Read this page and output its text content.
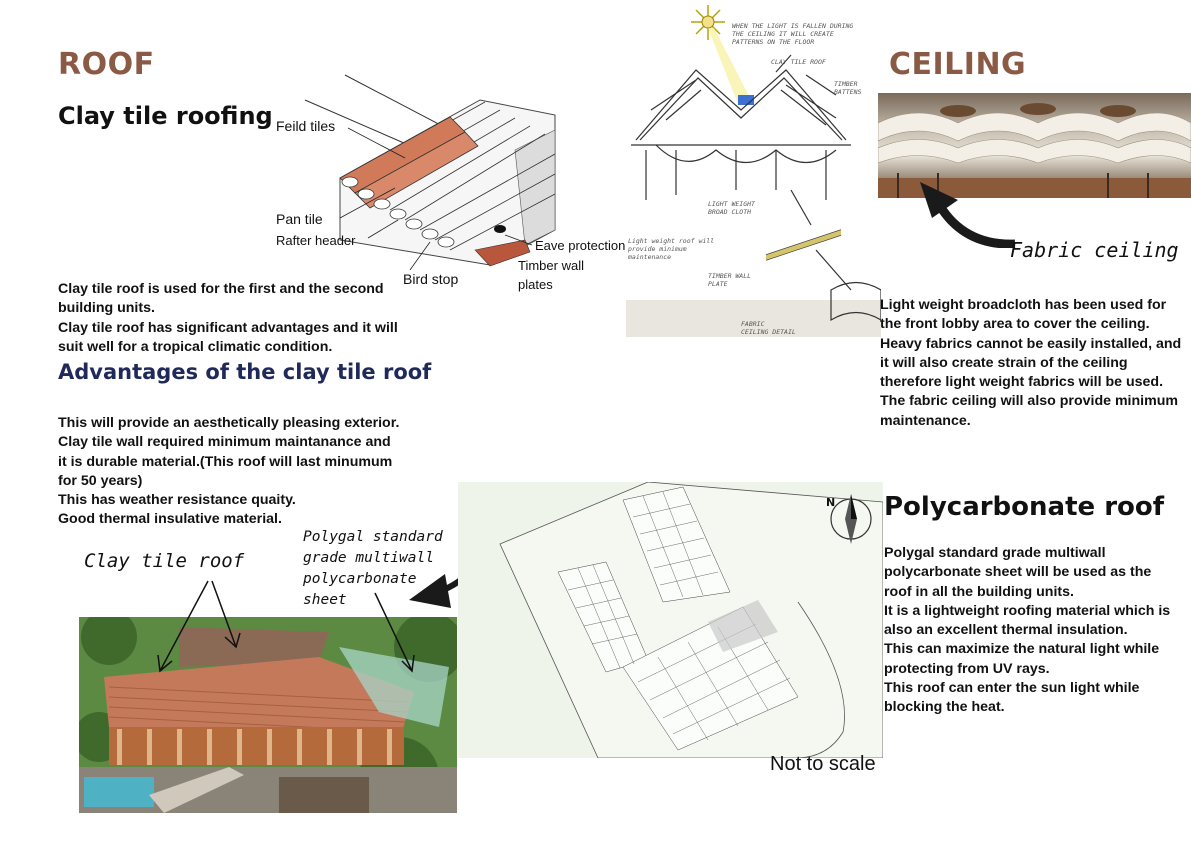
ROOF
Clay tile roofing Feild tiles
Pan tile
Rafter header
Bird stop
Eave protection
Timber wall
plates
Clay tile roof is used for the first and the second
building units.
Clay tile roof has significant advantages and it will
suit well for a tropical climatic condition.
Advantages of the clay tile roof
This will provide an aesthetically pleasing exterior.
Clay tile wall required minimum maintanance and
it is durable material.(This roof will last minumum
for 50 years)
This has weather resistance quaity.
Good thermal insulative material.
WHEN THE LIGHT IS FALLEN DURING
THE CEILING IT WILL CREATE
PATTERNS ON THE FLOOR
CLAY TILE ROOF
TIMBER
BATTENS
LIGHT WEIGHT
BROAD CLOTH
Light weight roof will
provide minimum
maintenance
TIMBER WALL
PLATE
FABRIC
CEILING DETAIL
CEILING
Fabric ceiling
Light weight broadcloth has been used for
the front lobby area to cover the ceiling.
Heavy fabrics cannot be easily installed, and
it will also create strain of the ceiling
therefore light weight fabrics will be used.
The fabric ceiling will also provide minimum
maintenance.
Clay tile roof
Polygal standard
grade multiwall
polycarbonate
sheet
Not to scale
N Polycarbonate roof
Polygal standard grade multiwall
polycarbonate sheet will be used as the
roof in all the building units.
It is a lightweight roofing material which is
also an excellent thermal insulation.
This can maximize the natural light while
protecting from UV rays.
This roof can enter the sun light while
blocking the heat.
